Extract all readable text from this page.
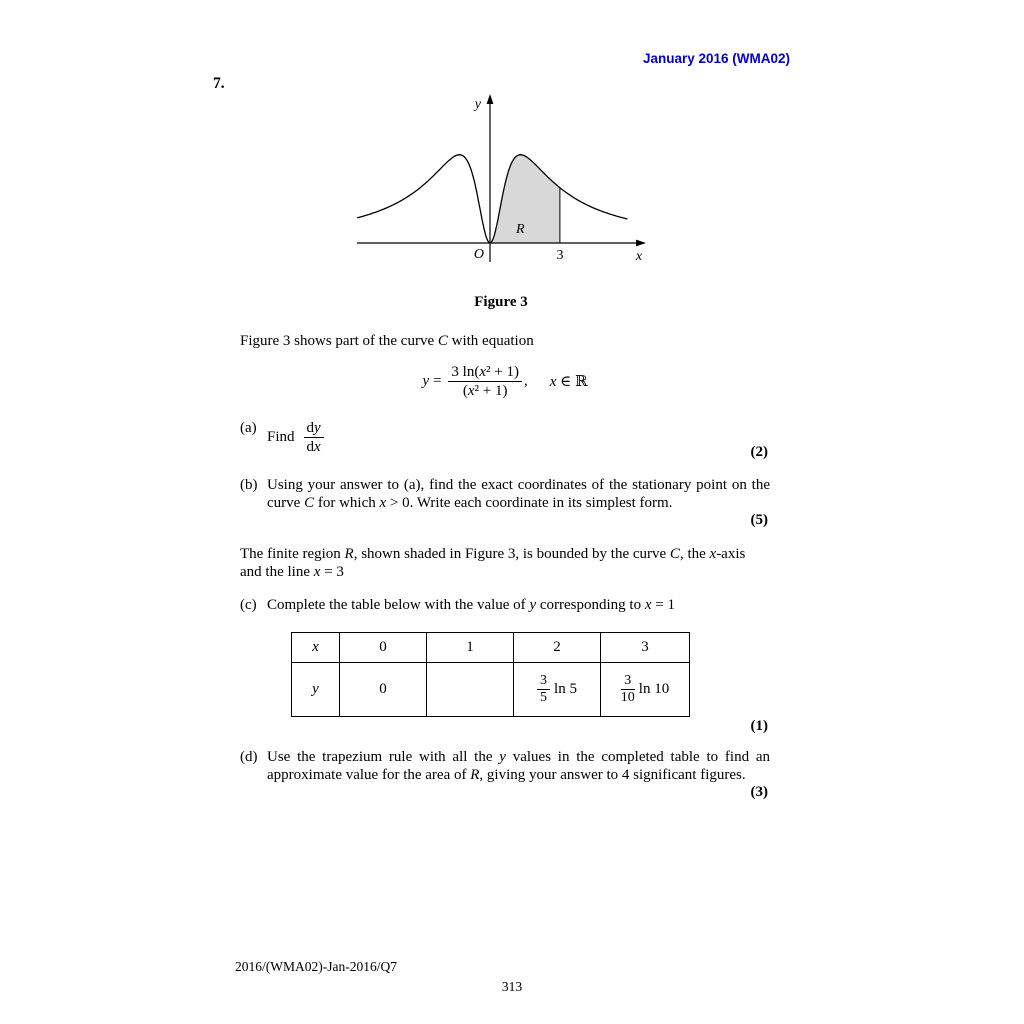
January 2016 (WMA02)
7.
y
x
O	3
R
Figure 3
Figure 3 shows part of the curve C with equation
$y = \frac{\text{3 ln(x² + 1)}}{\text{(x² + 1)}}$ , x ∈ ℝ
(a)
Find $\frac{dy}{dx}$	(2)
(b) Using your answer to (a), find the exact coordinates of the stationary point on the curve C for which x > 0. Write each coordinate in its simplest form.
(5)
The finite region R, shown shaded in Figure 3, is bounded by the curve C, the x-axis and the line x = 3
(c) Complete the table below with the value of y corresponding to x = 1
x	0	1	2	3
y	0		$\frac{3}{5}$ ln 5	$\frac{3}{10}$ ln 10
(1)
(d) Use the trapezium rule with all the y values in the completed table to find an approximate value for the area of R, giving your answer to 4 significant figures.
(3)
2016/(WMA02)-Jan-2016/Q7
313
